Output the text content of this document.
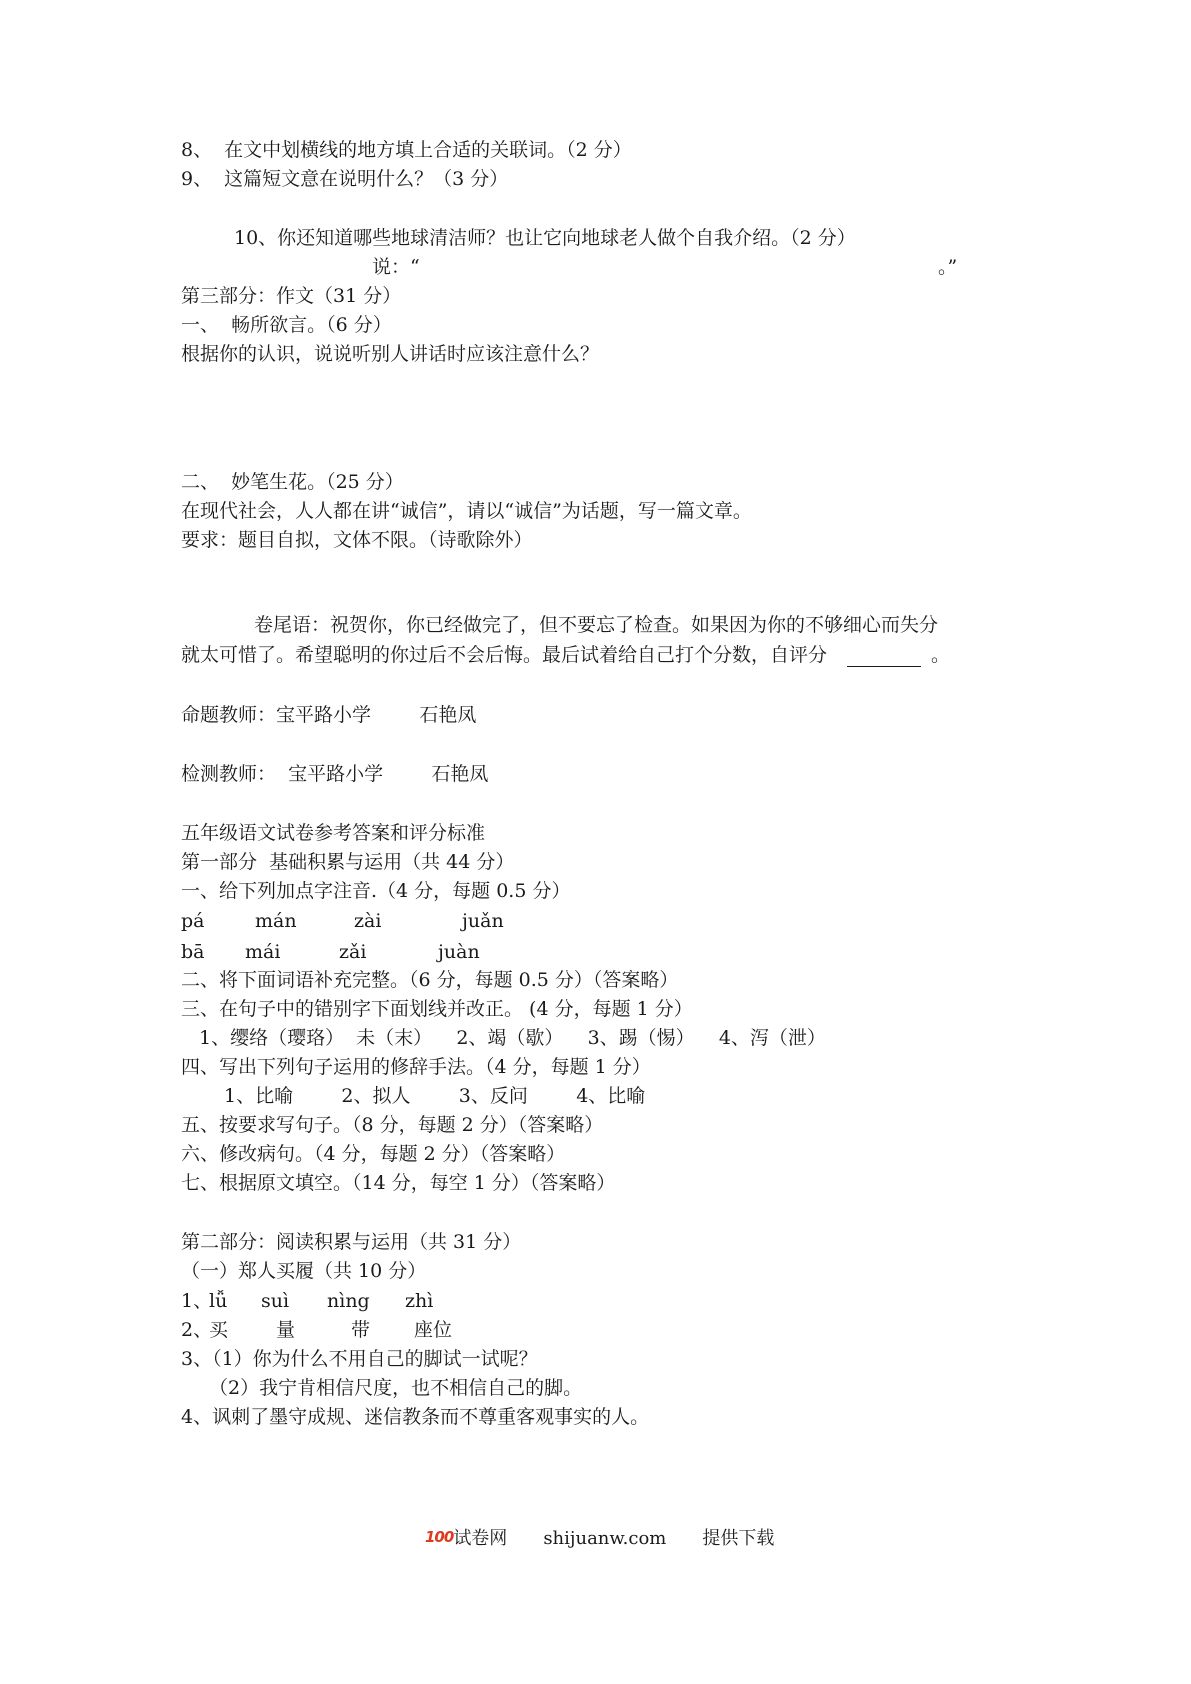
8、  在文中划横线的地方填上合适的关联词。（2 分）
9、  这篇短文意在说明什么？（3 分）
10、你还知道哪些地球清洁师？也让它向地球老人做个自我介绍。（2 分）
说：“	。”
第三部分：作文（31 分）
一、  畅所欲言。（6 分）
根据你的认识，说说听别人讲话时应该注意什么？
二、  妙笔生花。（25 分）
在现代社会，人人都在讲“诚信”，请以“诚信”为话题，写一篇文章。
要求：题目自拟，文体不限。（诗歌除外）
卷尾语：祝贺你，你已经做完了，但不要忘了检查。如果因为你的不够细心而失分
就太可惜了。希望聪明的你过后不会后悔。最后试着给自己打个分数，自评分	。
命题教师：宝平路小学        石艳凤
检测教师：  宝平路小学        石艳凤
五年级语文试卷参考答案和评分标准
第一部分  基础积累与运用（共 44 分）
一、给下列加点字注音.（4 分，每题 0.5 分）
pá	mán	zài	juǎn
bā mái	zǎi	juàn
二、将下面词语补充完整。（6 分，每题 0.5 分）（答案略）
三、在句子中的错别字下面划线并改正。 (4 分，每题 1 分）
1、缨络（璎珞）  未（末）    2、竭（歇）    3、踢（惕）    4、泻（泄）
四、写出下列句子运用的修辞手法。（4 分，每题 1 分）
1、比喻        2、拟人        3、反问        4、比喻
五、按要求写句子。（8 分，每题 2 分）（答案略）
六、修改病句。（4 分，每题 2 分）（答案略）
七、根据原文填空。（14 分，每空 1 分）（答案略）
第二部分：阅读积累与运用（共 31 分）
（一）郑人买履（共 10 分）
1、
lǚ suì nìng zhì
2、
买	量	带 座位
3、（1）你为什么不用自己的脚试一试呢？
（2）我宁肯相信尺度，也不相信自己的脚。
4、讽刺了墨守成规、迷信教条而不尊重客观事实的人。
100试卷网 shijuanw.com 提供下载
